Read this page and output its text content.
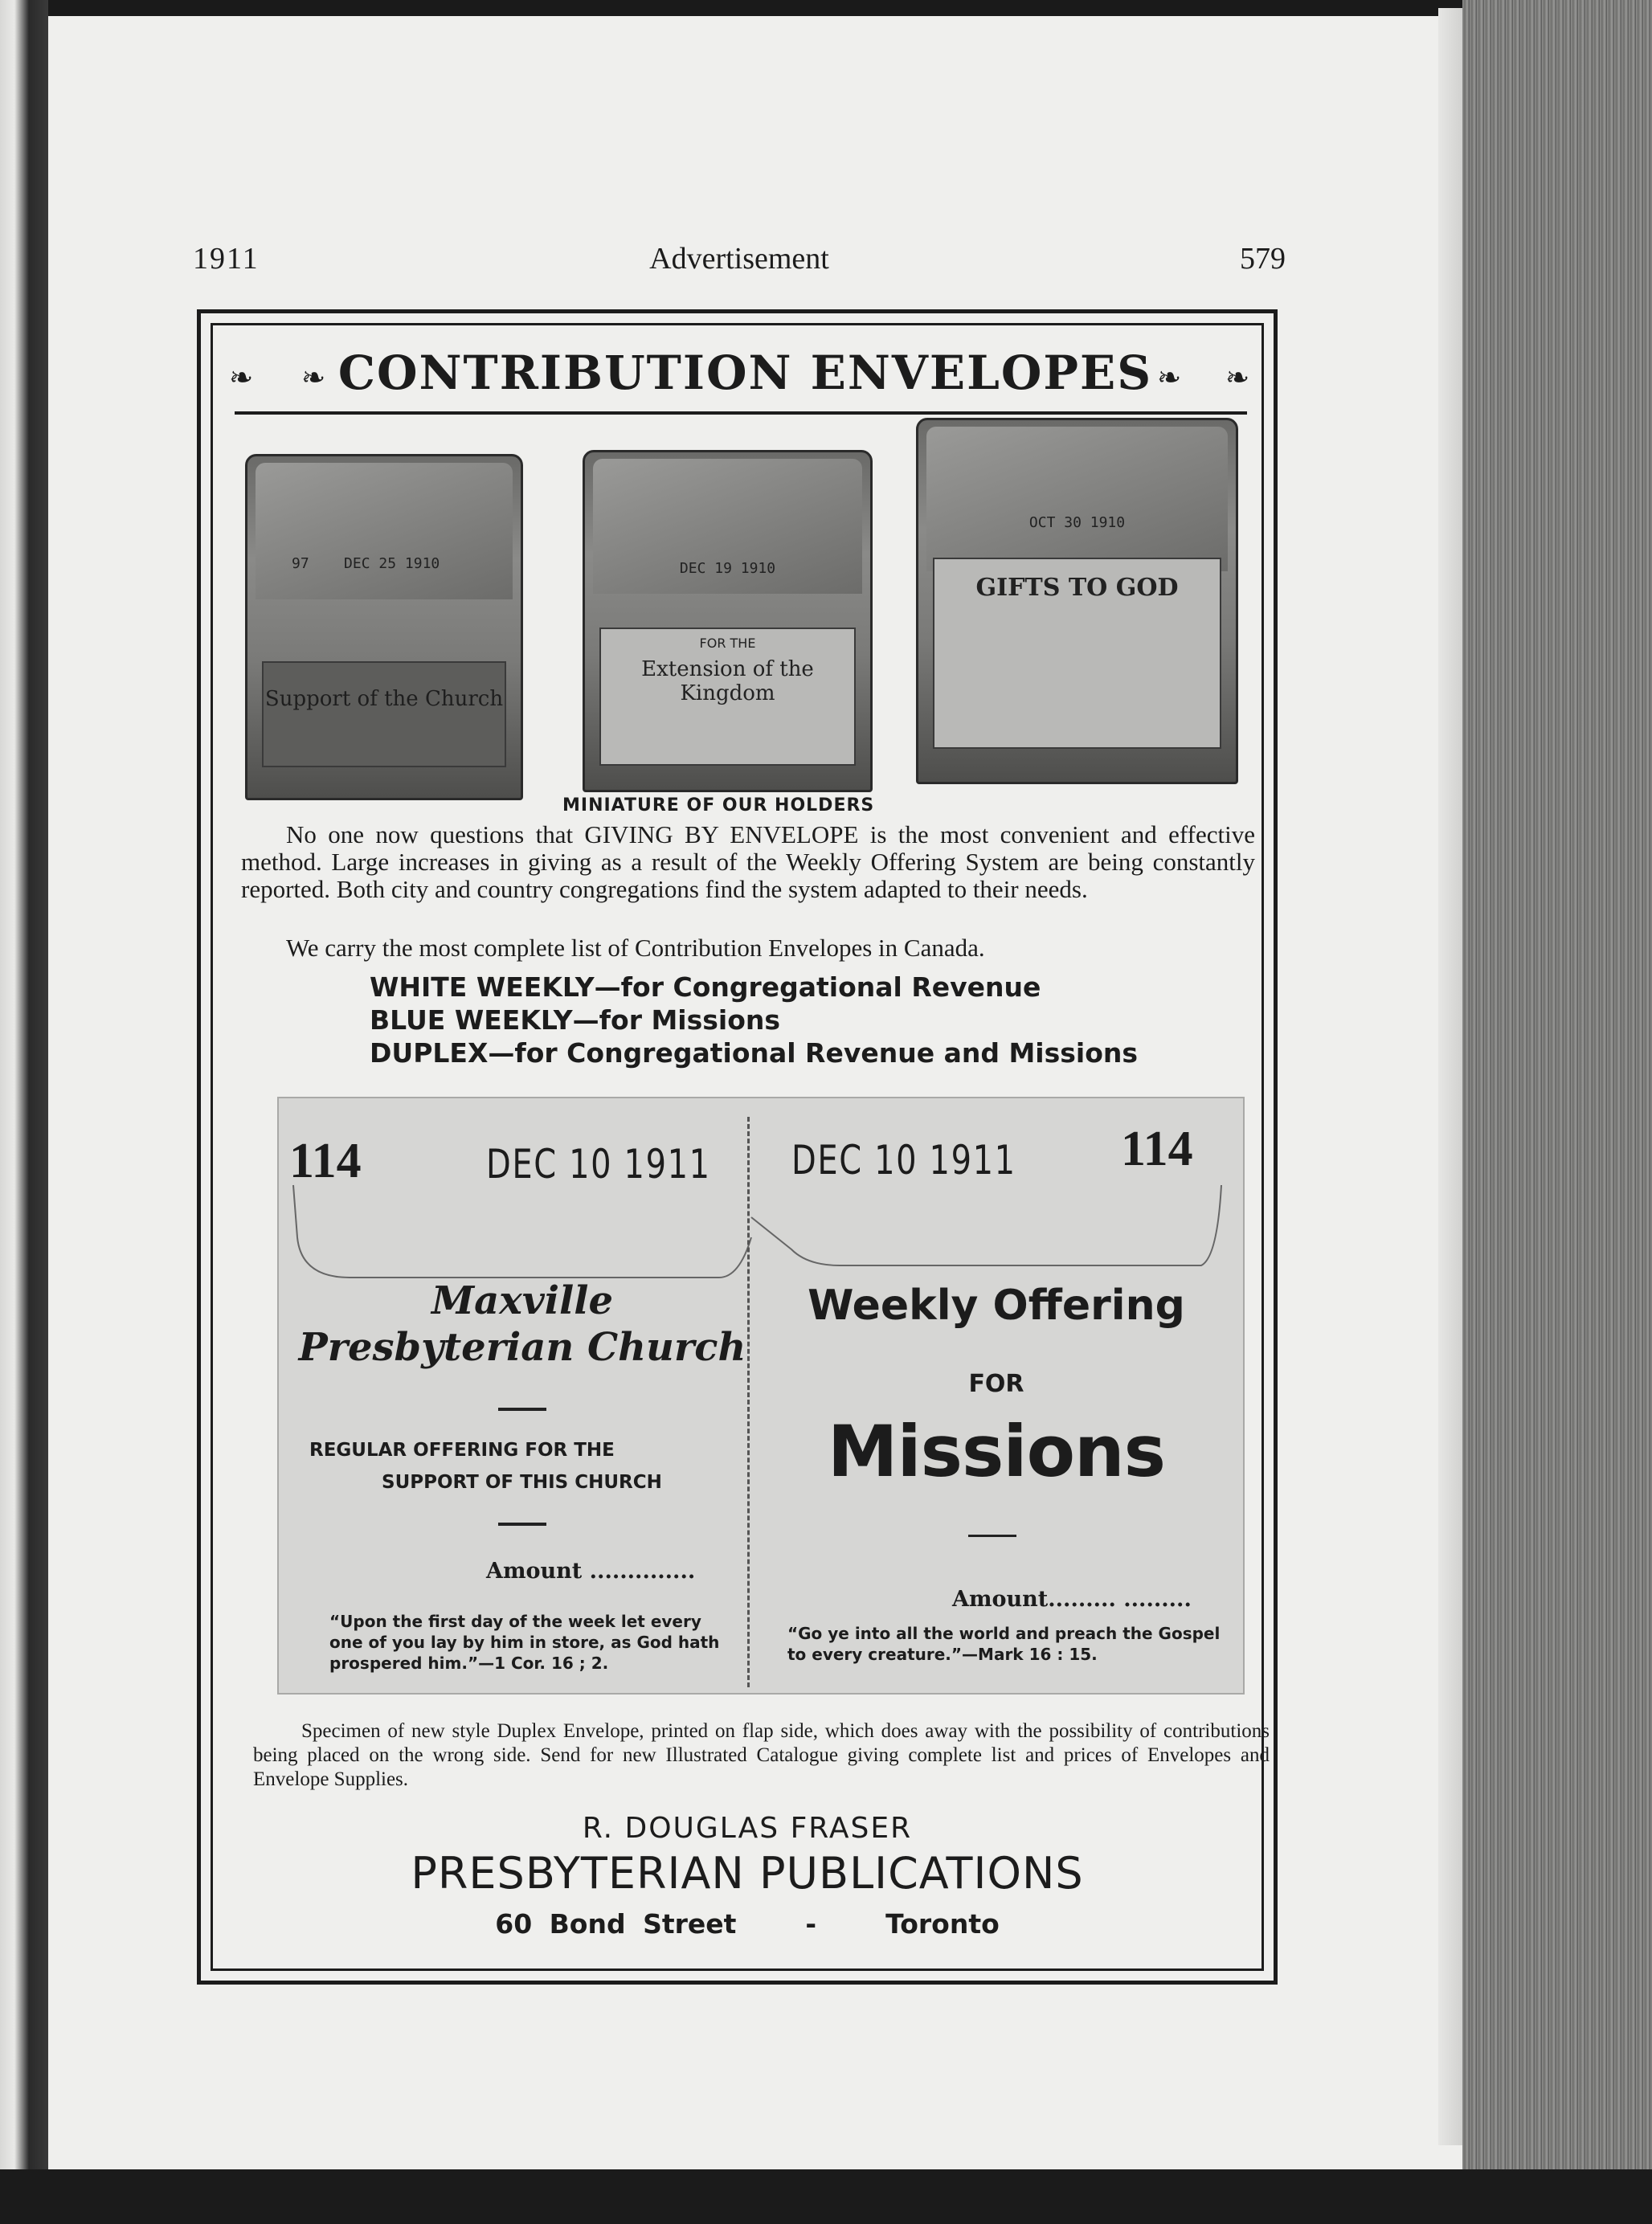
1911	Advertisement	579
❧ ❧ CONTRIBUTION ENVELOPES ❧ ❧
97 DEC 25 1910
Support of the Church
DEC 19 1910
FOR THE
Extension of the Kingdom
OCT 30 1910
GIFTS TO GOD
MINIATURE OF OUR HOLDERS

No one now questions that GIVING BY ENVELOPE is the most convenient and effective method. Large increases in giving as a result of the Weekly Offering System are being constantly reported. Both city and country congregations find the system adapted to their needs.

We carry the most complete list of Contribution Envelopes in Canada.

WHITE WEEKLY—for Congregational Revenue
BLUE WEEKLY—for Missions
DUPLEX—for Congregational Revenue and Missions
114	DEC 10 1911 DEC 10 1911 114
Maxville
Presbyterian Church
REGULAR OFFERING FOR THE
SUPPORT OF THIS CHURCH
Amount ..............
“Upon the first day of the week let every one of you lay by him in store, as God hath prospered him.”—1 Cor. 16 ; 2.
Weekly Offering
FOR
Missions
Amount......... .........
“Go ye into all the world and preach the Gospel to every creature.”—Mark 16 : 15.

Specimen of new style Duplex Envelope, printed on flap side, which does away with the possibility of contributions being placed on the wrong side. Send for new Illustrated Catalogue giving complete list and prices of Envelopes and Envelope Supplies.

R. DOUGLAS FRASER
PRESBYTERIAN PUBLICATIONS
60 Bond Street	-	Toronto
